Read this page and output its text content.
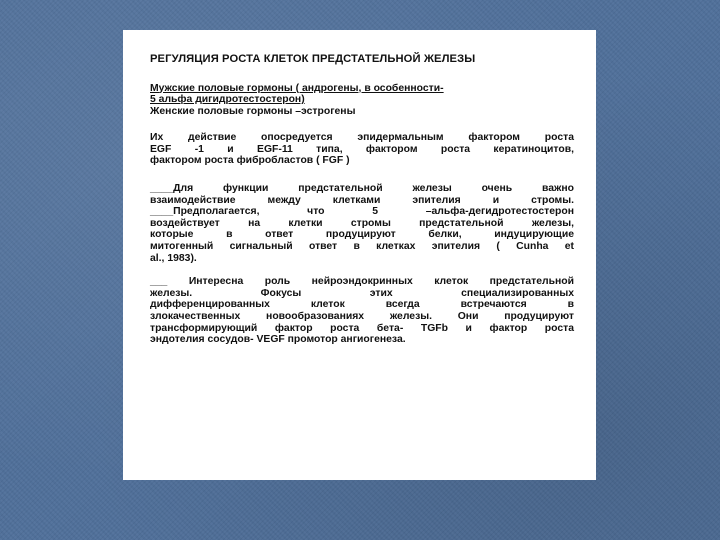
РЕГУЛЯЦИЯ РОСТА КЛЕТОК ПРЕДСТАТЕЛЬНОЙ ЖЕЛЕЗЫ

Мужские половые гормоны ( андрогены, в особенности-

5 альфа дигидротестостерон)

Женские половые гормоны –эстрогены

Их действие опосредуется эпидермальным фактором роста

EGF -1 и EGF-11 типа, фактором роста кератиноцитов,

фактором роста фибробластов ( FGF )

____Для функции предстательной железы очень важно

взаимодействие между клетками эпителия и стромы.

____Предполагается, что 5 –альфа-дегидротестостерон

воздействует на клетки стромы предстательной железы,

которые в ответ продуцируют белки, индуцирующие

митогенный сигнальный ответ в клетках эпителия ( Cunha et

al., 1983).

___ Интересна роль нейроэндокринных клеток предстательной

железы. Фокусы этих специализированных

дифференцированных клеток всегда встречаются в

злокачественных новообразованиях железы. Они продуцируют

трансформирующий фактор роста бета- TGFb и фактор роста

эндотелия сосудов- VEGF промотор ангиогенеза.
